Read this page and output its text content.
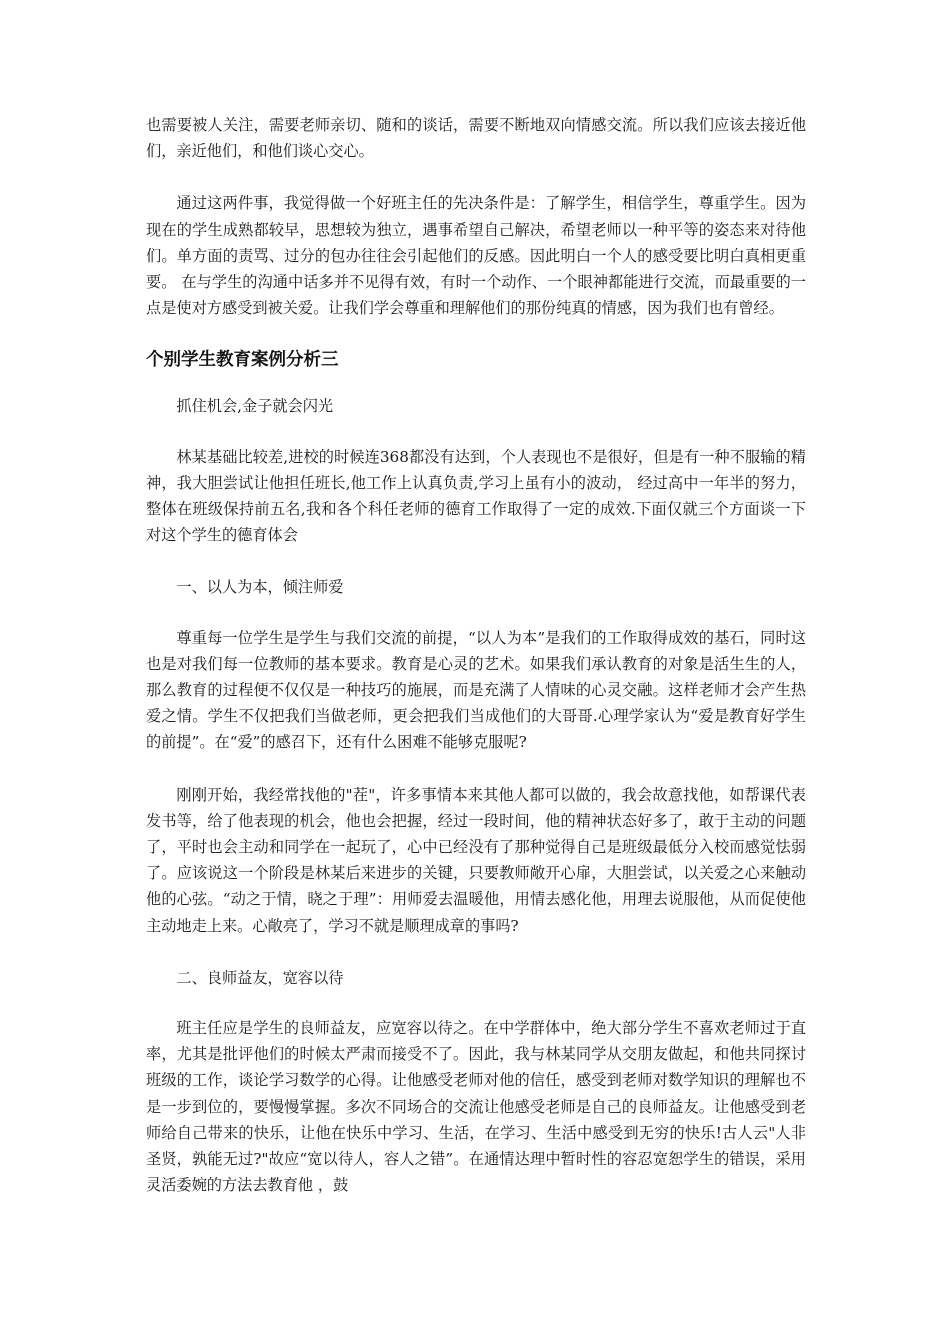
也需要被人关注，需要老师亲切、随和的谈话，需要不断地双向情感交流。所以我们应该去接近他们，亲近他们，和他们谈心交心。

通过这两件事，我觉得做一个好班主任的先决条件是：了解学生，相信学生，尊重学生。因为现在的学生成熟都较早，思想较为独立，遇事希望自己解决，希望老师以一种平等的姿态来对待他们。单方面的责骂、过分的包办往往会引起他们的反感。因此明白一个人的感受要比明白真相更重要。 在与学生的沟通中话多并不见得有效，有时一个动作、一个眼神都能进行交流，而最重要的一点是使对方感受到被关爱。让我们学会尊重和理解他们的那份纯真的情感，因为我们也有曾经。

个别学生教育案例分析三

抓住机会,金子就会闪光

林某基础比较差,进校的时候连368都没有达到，个人表现也不是很好，但是有一种不服输的精神，我大胆尝试让他担任班长,他工作上认真负责,学习上虽有小的波动， 经过高中一年半的努力，整体在班级保持前五名,我和各个科任老师的德育工作取得了一定的成效.下面仅就三个方面谈一下对这个学生的德育体会

一、以人为本，倾注师爱

尊重每一位学生是学生与我们交流的前提，“以人为本”是我们的工作取得成效的基石，同时这也是对我们每一位教师的基本要求。教育是心灵的艺术。如果我们承认教育的对象是活生生的人，那么教育的过程便不仅仅是一种技巧的施展，而是充满了人情味的心灵交融。这样老师才会产生热爱之情。学生不仅把我们当做老师，更会把我们当成他们的大哥哥.心理学家认为“爱是教育好学生的前提”。在“爱”的感召下，还有什么困难不能够克服呢?

刚刚开始，我经常找他的"茬"，许多事情本来其他人都可以做的，我会故意找他，如帮课代表发书等，给了他表现的机会，他也会把握，经过一段时间，他的精神状态好多了，敢于主动的问题了，平时也会主动和同学在一起玩了，心中已经没有了那种觉得自己是班级最低分入校而感觉怯弱了。应该说这一个阶段是林某后来进步的关键，只要教师敞开心扉，大胆尝试，以关爱之心来触动他的心弦。“动之于情，晓之于理”：用师爱去温暖他，用情去感化他，用理去说服他，从而促使他主动地走上来。心敞亮了，学习不就是顺理成章的事吗?

二、良师益友，宽容以待

班主任应是学生的良师益友，应宽容以待之。在中学群体中，绝大部分学生不喜欢老师过于直率，尤其是批评他们的时候太严肃而接受不了。因此，我与林某同学从交朋友做起，和他共同探讨班级的工作，谈论学习数学的心得。让他感受老师对他的信任，感受到老师对数学知识的理解也不是一步到位的，要慢慢掌握。多次不同场合的交流让他感受老师是自己的良师益友。让他感受到老师给自己带来的快乐，让他在快乐中学习、生活，在学习、生活中感受到无穷的快乐!古人云"人非圣贤，孰能无过?"故应“宽以待人，容人之错”。在通情达理中暂时性的容忍宽恕学生的错误，采用灵活委婉的方法去教育他 ，鼓
